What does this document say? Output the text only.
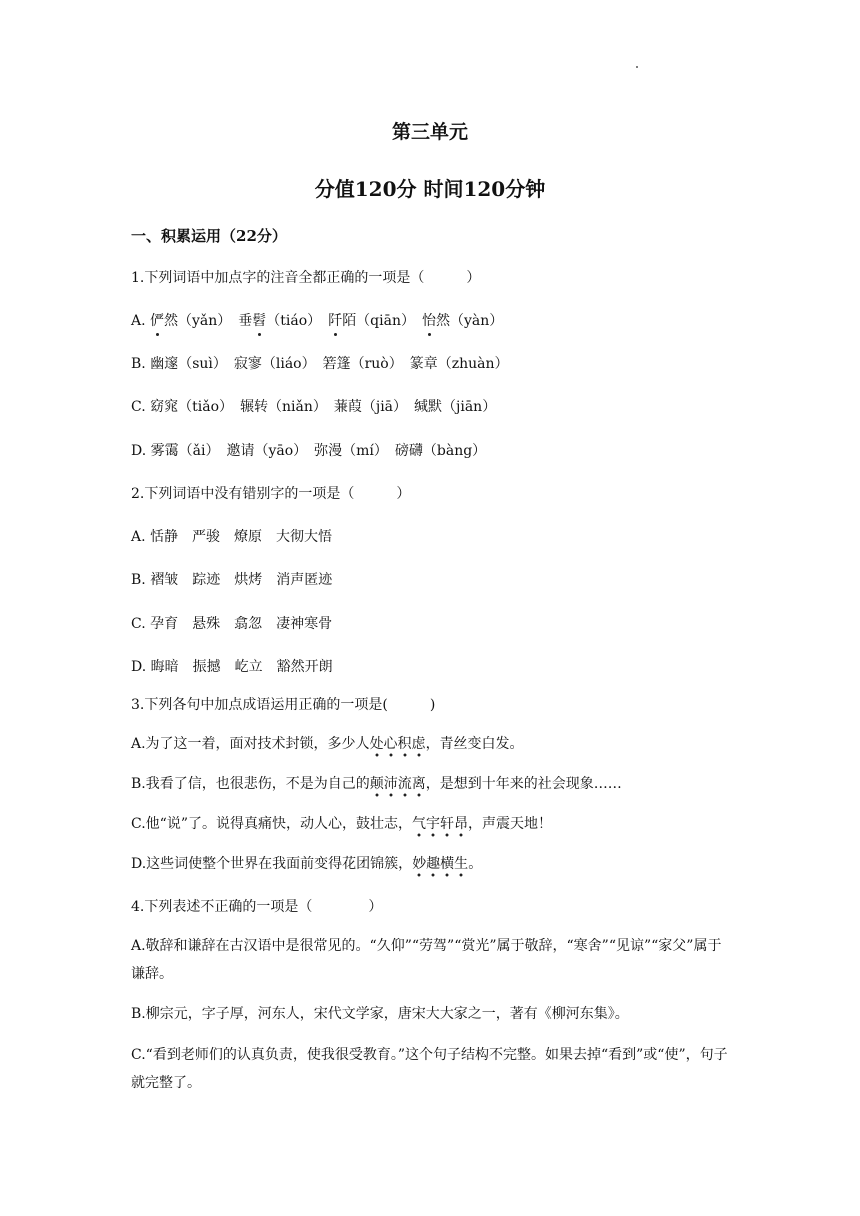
第三单元
分值120分 时间120分钟
一、积累运用（22分）
1.下列词语中加点字的注音全都正确的一项是（　　　）
A. 俨然（yǎn）　 垂髫（tiáo）　 阡陌（qiān）　 怡然（yàn）
B. 幽邃（suì）　寂寥（liáo）　箬篷（ruò）　篆章（zhuàn）
C. 窈窕（tiǎo）　辗转（niǎn）　蒹葭（jiā）　缄默（jiān）
D. 雾霭（ǎi）　邀请（yāo）　弥漫（mí）　磅礴（bàng）
2.下列词语中没有错别字的一项是（　　　）
A. 恬静　严骏　燎原　大彻大悟
B. 褶皱　踪迹　烘烤　消声匿迹
C. 孕育　悬殊　翕忽　凄神寒骨
D. 晦暗　振撼　屹立　豁然开朗
3.下列各句中加点成语运用正确的一项是(　　　)
A.为了这一着，面对技术封锁，多少人处心积虑，青丝变白发。
B.我看了信，也很悲伤，不是为自己的颠沛流离，是想到十年来的社会现象……
C.他“说”了。说得真痛快，动人心，鼓壮志，气宇轩昂，声震天地！
D.这些词使整个世界在我面前变得花团锦簇，妙趣横生。
4.下列表述不正确的一项是（　　　　）
A.敬辞和谦辞在古汉语中是很常见的。“久仰”“劳驾”“赏光”属于敬辞，“寒舍”“见谅”“家父”属于谦辞。
B.柳宗元，字子厚，河东人，宋代文学家，唐宋大大家之一，著有《柳河东集》。
C.“看到老师们的认真负责，使我很受教育。”这个句子结构不完整。如果去掉“看到”或“使”，句子就完整了。
